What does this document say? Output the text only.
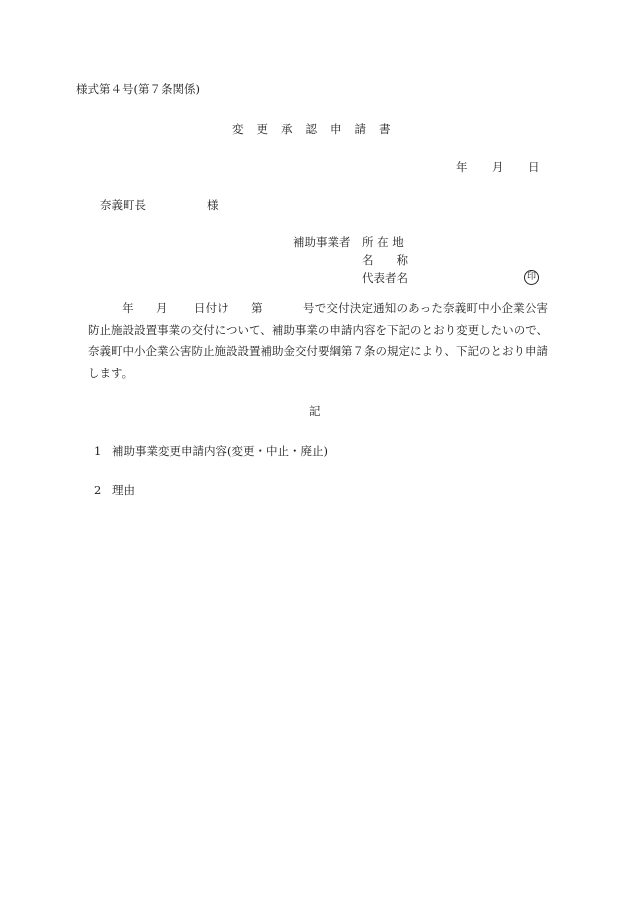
様式第４号(第７条関係)
変更承認申請書
年 月 日
奈義町長	様
補助事業者 所 在 地
名　　称
代表者名	印
年 月 日付け 第	号で交付決定通知のあった奈義町中小企業公害防止施設設置事業の交付について、補助事業の申請内容を下記のとおり変更したいので、奈義町中小企業公害防止施設設置補助金交付要綱第７条の規定により、下記のとおり申請します。
記
1 補助事業変更申請内容(変更・中止・廃止)
2 理由
